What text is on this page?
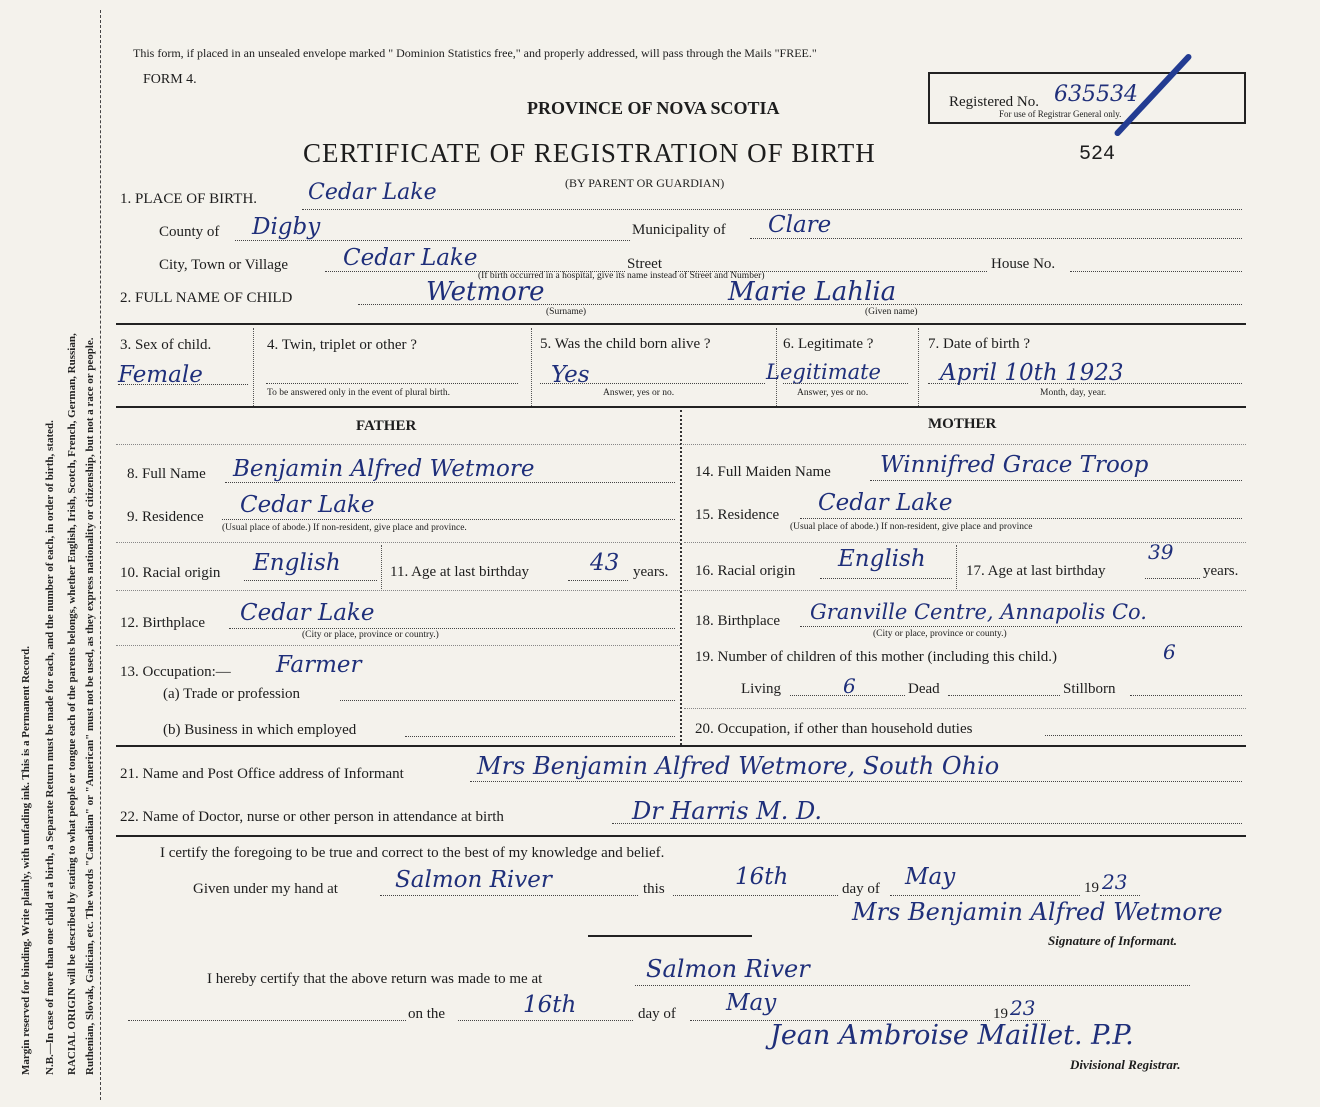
Margin reserved for binding. Write plainly, with unfading ink. This is a Permanent Record. N.B.—In case of more than one child at a birth, a Separate Return must be made for each, and the number of each, in order of birth, stated. RACIAL ORIGIN will be described by stating to what people or tongue each of the parents belongs, whether English, Irish, Scotch, French, German, Russian, Ruthenian, Slovak, Galician, etc. The words "Canadian" or "American" must not be used, as they express nationality or citizenship, but not a race or people.
This form, if placed in an unsealed envelope marked " Dominion Statistics free," and properly addressed, will pass through the Mails "FREE."
FORM 4.
PROVINCE OF NOVA SCOTIA
CERTIFICATE OF REGISTRATION OF BIRTH	524
(BY PARENT OR GUARDIAN)
Registered No. 635534
For use of Registrar General only.
1. PLACE OF BIRTH. Cedar Lake
County of Digby	Municipality of Clare
City, Town or Village Cedar Lake	Street	House No.
(If birth occurred in a hospital, give its name instead of Street and Number)
2. FULL NAME OF CHILD	Wetmore	Marie Lahlia
(Surname)	(Given name)
3. Sex of child.
Female
4. Twin, triplet or other ?
To be answered only in the event of plural birth.
5. Was the child born alive ?
Yes
Answer, yes or no.
6. Legitimate ?
Legitimate
Answer, yes or no.
7. Date of birth ?
April 10th 1923
Month, day, year.
FATHER	MOTHER
8. Full Name Benjamin Alfred Wetmore
9. Residence Cedar Lake
(Usual place of abode.) If non-resident, give place and province.
10. Racial origin English	11. Age at last birthday	43 years.
12. Birthplace Cedar Lake
(City or place, province or country.)
13. Occupation:— Farmer
(a) Trade or profession
(b) Business in which employed
14. Full Maiden Name Winnifred Grace Troop
15. Residence Cedar Lake
(Usual place of abode.) If non-resident, give place and province
16. Racial origin English	17. Age at last birthday
39
years.
18. Birthplace Granville Centre, Annapolis Co.
(City or place, province or county.)
19. Number of children of this mother (including this child.)	6
Living	6	Dead	Stillborn
20. Occupation, if other than household duties
21. Name and Post Office address of Informant	Mrs Benjamin Alfred Wetmore, South Ohio
22. Name of Doctor, nurse or other person in attendance at birth	Dr Harris M. D.
I certify the foregoing to be true and correct to the best of my knowledge and belief.
Given under my hand at Salmon River	this	16th	day of May	19 23
Mrs Benjamin Alfred Wetmore
Signature of Informant.
I hereby certify that the above return was made to me at	Salmon River
on the	16th	day of May	19 23
Jean Ambroise Maillet. P.P.
Divisional Registrar.
